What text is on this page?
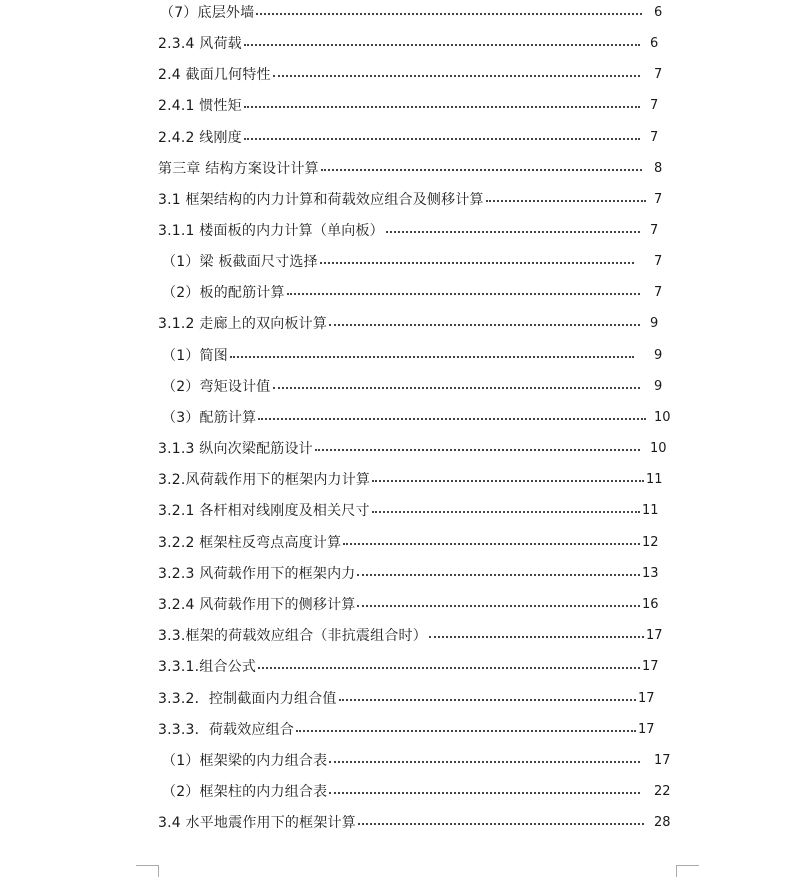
（7）底层外墙	6
2.3.4 风荷载	6
2.4 截面几何特性	7
2.4.1 惯性矩	7
2.4.2 线刚度	7
第三章 结构方案设计计算	8
3.1 框架结构的内力计算和荷载效应组合及侧移计算	7
3.1.1 楼面板的内力计算（单向板）	7
（1）梁 板截面尺寸选择	7
（2）板的配筋计算	7
3.1.2 走廊上的双向板计算	9
（1）简图	9
（2）弯矩设计值	9
（3）配筋计算	10
3.1.3 纵向次梁配筋设计	10
3.2.风荷载作用下的框架内力计算	11
3.2.1 各杆相对线刚度及相关尺寸	11
3.2.2 框架柱反弯点高度计算	12
3.2.3 风荷载作用下的框架内力	13
3.2.4 风荷载作用下的侧移计算	16
3.3.框架的荷载效应组合（非抗震组合时）	17
3.3.1.组合公式	17
3.3.2．控制截面内力组合值	17
3.3.3．荷载效应组合	17
（1）框架梁的内力组合表	17
（2）框架柱的内力组合表	22
3.4 水平地震作用下的框架计算	28
